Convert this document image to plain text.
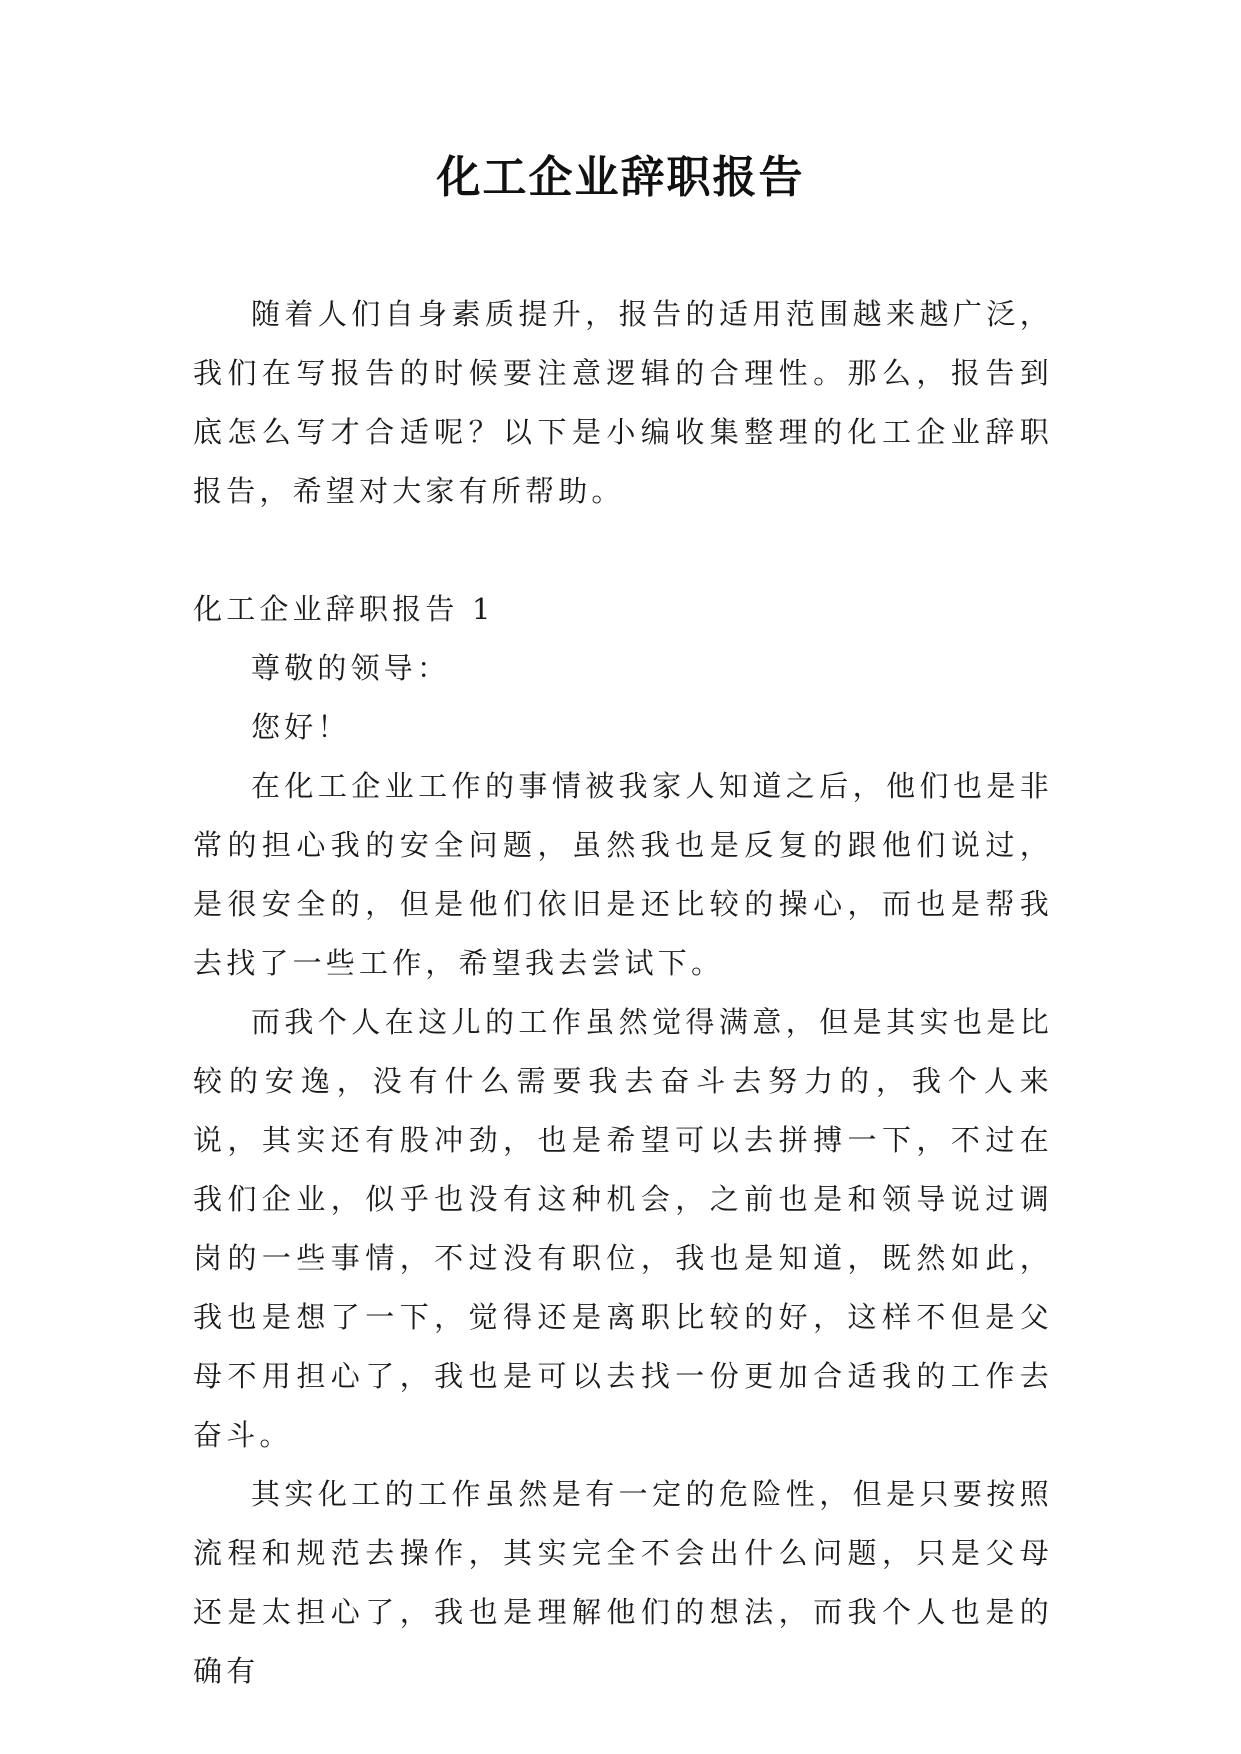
化工企业辞职报告

随着人们自身素质提升，报告的适用范围越来越广泛，我们在写报告的时候要注意逻辑的合理性。那么，报告到底怎么写才合适呢？以下是小编收集整理的化工企业辞职报告，希望对大家有所帮助。

化工企业辞职报告 1

尊敬的领导：

您好！

在化工企业工作的事情被我家人知道之后，他们也是非常的担心我的安全问题，虽然我也是反复的跟他们说过，是很安全的，但是他们依旧是还比较的操心，而也是帮我去找了一些工作，希望我去尝试下。

而我个人在这儿的工作虽然觉得满意，但是其实也是比较的安逸，没有什么需要我去奋斗去努力的，我个人来说，其实还有股冲劲，也是希望可以去拼搏一下，不过在我们企业，似乎也没有这种机会，之前也是和领导说过调岗的一些事情，不过没有职位，我也是知道，既然如此，我也是想了一下，觉得还是离职比较的好，这样不但是父母不用担心了，我也是可以去找一份更加合适我的工作去奋斗。

其实化工的工作虽然是有一定的危险性，但是只要按照流程和规范去操作，其实完全不会出什么问题，只是父母还是太担心了，我也是理解他们的想法，而我个人也是的确有
